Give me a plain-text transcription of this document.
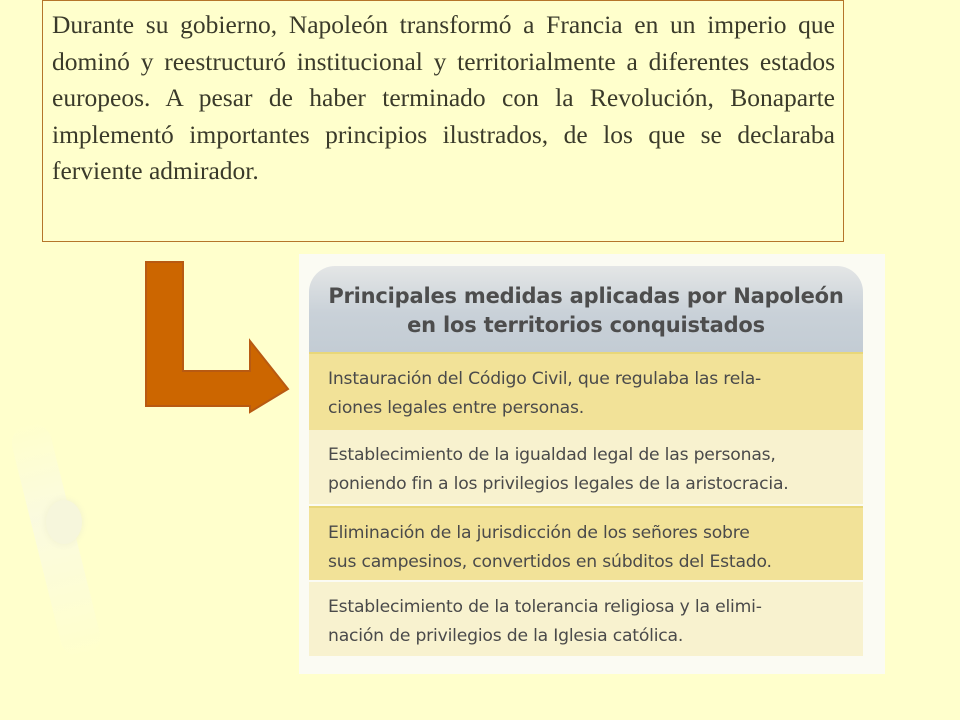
Durante su gobierno, Napoleón transformó a Francia en un imperio que dominó y reestructuró institucional y territorialmente a diferentes estados europeos. A pesar de haber terminado con la Revolución, Bonaparte implementó importantes principios ilustrados, de los que se declaraba ferviente admirador.
Principales medidas aplicadas por Napoleón
en los territorios conquistados
Instauración del Código Civil, que regulaba las rela-
ciones legales entre personas.
Establecimiento de la igualdad legal de las personas,
poniendo fin a los privilegios legales de la aristocracia.
Eliminación de la jurisdicción de los señores sobre
sus campesinos, convertidos en súbditos del Estado.
Establecimiento de la tolerancia religiosa y la elimi-
nación de privilegios de la Iglesia católica.
